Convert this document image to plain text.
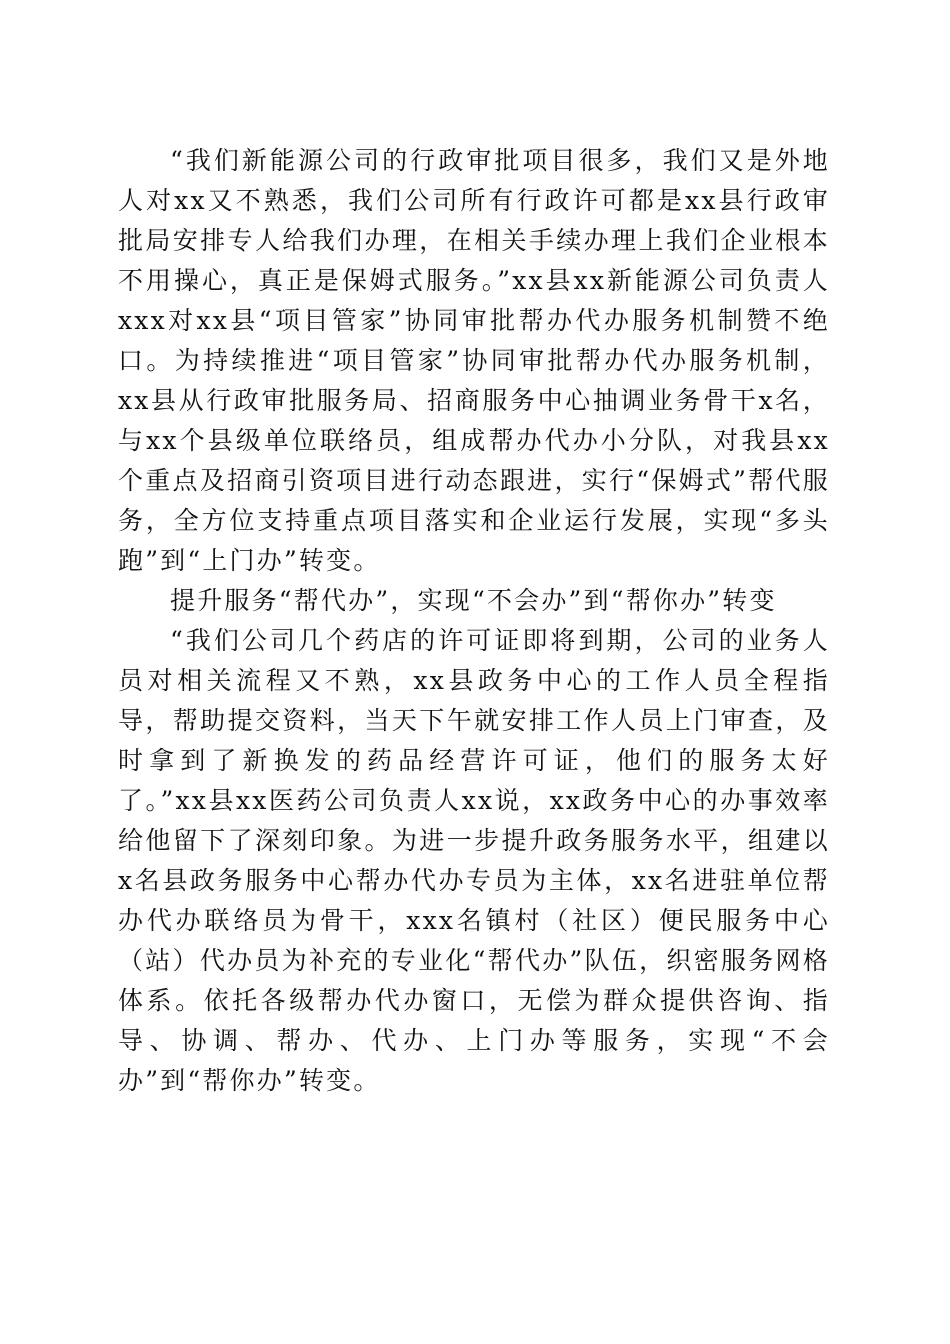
“我们新能源公司的行政审批项目很多，我们又是外地人对xx又不熟悉，我们公司所有行政许可都是xx县行政审批局安排专人给我们办理，在相关手续办理上我们企业根本不用操心，真正是保姆式服务。”xx县xx新能源公司负责人xxx对xx县“项目管家”协同审批帮办代办服务机制赞不绝口。为持续推进“项目管家”协同审批帮办代办服务机制，xx县从行政审批服务局、招商服务中心抽调业务骨干x名，与xx个县级单位联络员，组成帮办代办小分队，对我县xx个重点及招商引资项目进行动态跟进，实行“保姆式”帮代服务，全方位支持重点项目落实和企业运行发展，实现“多头跑”到“上门办”转变。

提升服务“帮代办”，实现“不会办”到“帮你办”转变

“我们公司几个药店的许可证即将到期，公司的业务人员对相关流程又不熟，xx县政务中心的工作人员全程指导，帮助提交资料，当天下午就安排工作人员上门审查，及时拿到了新换发的药品经营许可证，他们的服务太好了。”xx县xx医药公司负责人xx说，xx政务中心的办事效率给他留下了深刻印象。为进一步提升政务服务水平，组建以x名县政务服务中心帮办代办专员为主体，xx名进驻单位帮办代办联络员为骨干，xxx名镇村（社区）便民服务中心（站）代办员为补充的专业化“帮代办”队伍，织密服务网格体系。依托各级帮办代办窗口，无偿为群众提供咨询、指导、协调、帮办、代办、上门办等服务，实现“不会办”到“帮你办”转变。
